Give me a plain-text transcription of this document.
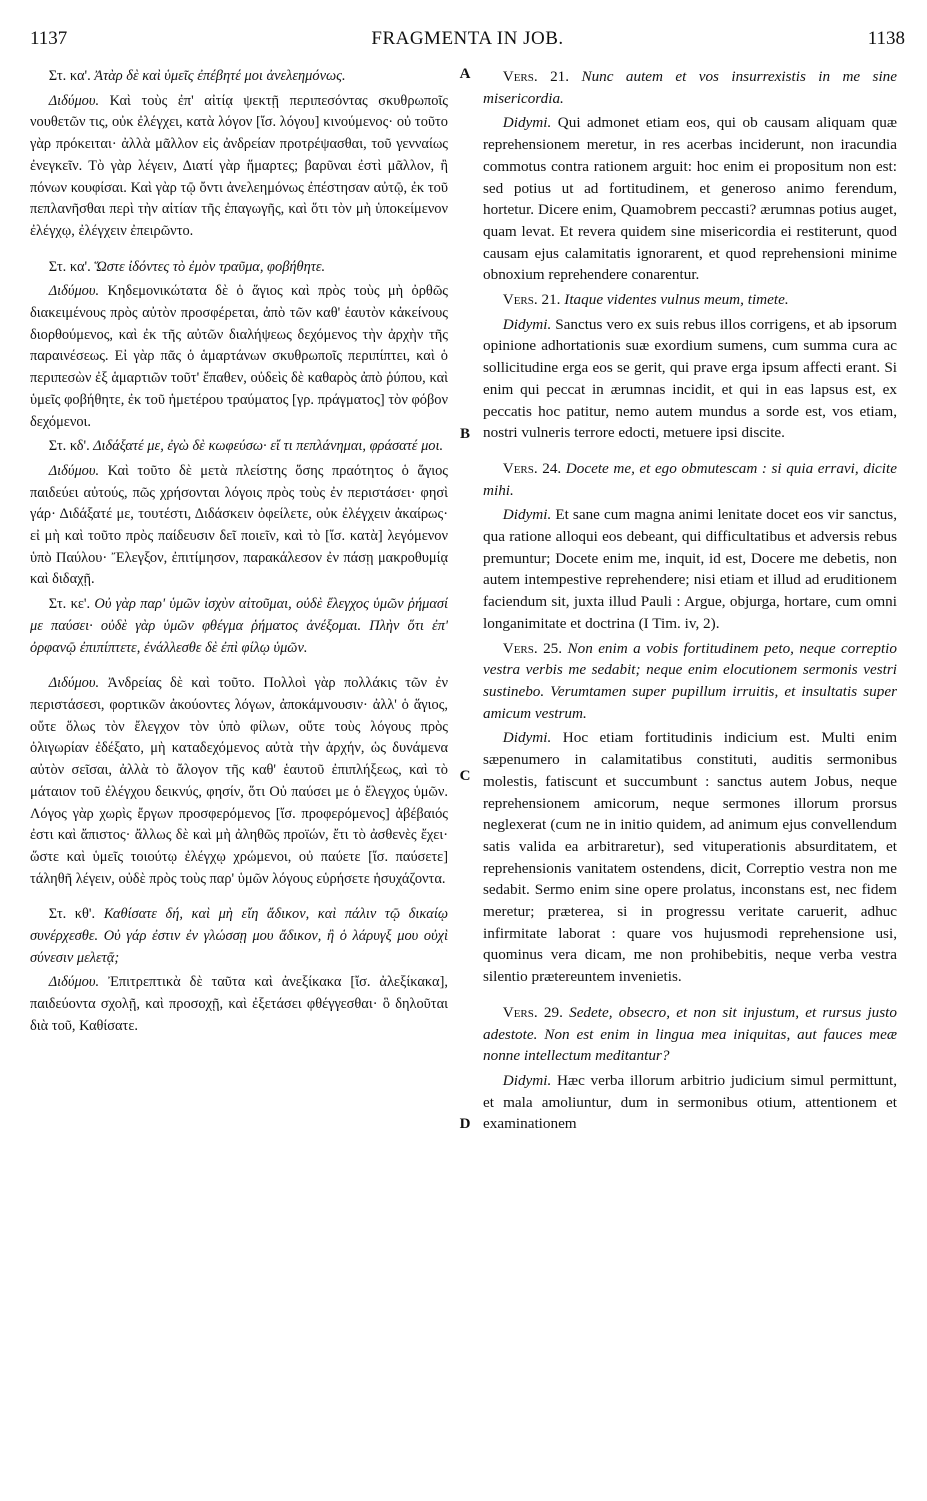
1137	FRAGMENTA IN JOB.	1138

Στ. κα'. Ἀτὰρ δὲ καὶ ὑμεῖς ἐπέβητέ μοι ἀνελεημόνως.

Διδύμου. Καὶ τοὺς ἐπ' αἰτίᾳ ψεκτῇ περιπεσόντας σκυθρωποῖς νουθετῶν τις, οὐκ ἐλέγχει, κατὰ λόγον [ἴσ. λόγου] κινούμενος· οὐ τοῦτο γὰρ πρόκειται· ἀλλὰ μᾶλλον εἰς ἀνδρείαν προτρέψασθαι, τοῦ γενναίως ἐνεγκεῖν. Τὸ γὰρ λέγειν, Διατί γὰρ ἥμαρτες; βαρῦναι ἐστὶ μᾶλλον, ἢ πόνων κουφίσαι. Καὶ γὰρ τῷ ὄντι ἀνελεημόνως ἐπέστησαν αὐτῷ, ἐκ τοῦ πεπλανῆσθαι περὶ τὴν αἰτίαν τῆς ἐπαγωγῆς, καὶ ὅτι τὸν μὴ ὑποκείμενον ἐλέγχῳ, ἐλέγχειν ἐπειρῶντο.

Στ. κα'. Ὥστε ἰδόντες τὸ ἐμὸν τραῦμα, φοβήθητε.

Διδύμου. Κηδεμονικώτατα δὲ ὁ ἅγιος καὶ πρὸς τοὺς μὴ ὀρθῶς διακειμένους πρὸς αὐτὸν προσφέρεται, ἀπὸ τῶν καθ' ἑαυτὸν κἀκείνους διορθούμενος, καὶ ἐκ τῆς αὐτῶν διαλήψεως δεχόμενος τὴν ἀρχὴν τῆς παραινέσεως. Εἰ γὰρ πᾶς ὁ ἁμαρτάνων σκυθρωποῖς περιπίπτει, καὶ ὁ περιπεσὼν ἐξ ἁμαρτιῶν τοῦτ' ἔπαθεν, οὐδεὶς δὲ καθαρὸς ἀπὸ ῥύπου, καὶ ὑμεῖς φοβήθητε, ἐκ τοῦ ἡμετέρου τραύματος [γρ. πράγματος] τὸν φόβον δεχόμενοι.

Στ. κδ'. Διδάξατέ με, ἐγὼ δὲ κωφεύσω· εἴ τι πεπλάνημαι, φράσατέ μοι.

Διδύμου. Καὶ τοῦτο δὲ μετὰ πλείστης ὅσης πραότητος ὁ ἅγιος παιδεύει αὐτούς, πῶς χρήσονται λόγοις πρὸς τοὺς ἐν περιστάσει· φησὶ γάρ· Διδάξατέ με, τουτέστι, Διδάσκειν ὀφείλετε, οὐκ ἐλέγχειν ἀκαίρως· εἰ μὴ καὶ τοῦτο πρὸς παίδευσιν δεῖ ποιεῖν, καὶ τὸ [ἴσ. κατὰ] λεγόμενον ὑπὸ Παύλου· Ἔλεγξον, ἐπιτίμησον, παρακάλεσον ἐν πάσῃ μακροθυμίᾳ καὶ διδαχῇ.

Στ. κε'. Οὐ γὰρ παρ' ὑμῶν ἰσχὺν αἰτοῦμαι, οὐδὲ ἔλεγχος ὑμῶν ῥήμασί με παύσει· οὐδὲ γὰρ ὑμῶν φθέγμα ῥήματος ἀνέξομαι. Πλὴν ὅτι ἐπ' ὀρφανῷ ἐπιπίπτετε, ἐνάλλεσθε δὲ ἐπὶ φίλῳ ὑμῶν.

Διδύμου. Ἀνδρείας δὲ καὶ τοῦτο. Πολλοὶ γὰρ πολλάκις τῶν ἐν περιστάσεσι, φορτικῶν ἀκούοντες λόγων, ἀποκάμνουσιν· ἀλλ' ὁ ἅγιος, οὔτε ὅλως τὸν ἔλεγχον τὸν ὑπὸ φίλων, οὔτε τοὺς λόγους πρὸς ὀλιγωρίαν ἐδέξατο, μὴ καταδεχόμενος αὐτὰ τὴν ἀρχήν, ὡς δυνάμενα αὐτὸν σεῖσαι, ἀλλὰ τὸ ἄλογον τῆς καθ' ἑαυτοῦ ἐπιπλήξεως, καὶ τὸ μάταιον τοῦ ἐλέγχου δεικνύς, φησίν, ὅτι Οὐ παύσει με ὁ ἔλεγχος ὑμῶν. Λόγος γὰρ χωρὶς ἔργων προσφερόμενος [ἴσ. προφερόμενος] ἀβέβαιός ἐστι καὶ ἄπιστος· ἄλλως δὲ καὶ μὴ ἀληθῶς προϊών, ἔτι τὸ ἀσθενὲς ἔχει· ὥστε καὶ ὑμεῖς τοιούτῳ ἐλέγχῳ χρώμενοι, οὐ παύετε [ἴσ. παύσετε] τάληθῆ λέγειν, οὐδὲ πρὸς τοὺς παρ' ὑμῶν λόγους εὑρήσετε ἡσυχάζοντα.

Στ. κθ'. Καθίσατε δή, καὶ μὴ εἴη ἄδικον, καὶ πάλιν τῷ δικαίῳ συνέρχεσθε. Οὐ γάρ ἐστιν ἐν γλώσσῃ μου ἄδικον, ἢ ὁ λάρυγξ μου οὐχὶ σύνεσιν μελετᾷ;

Διδύμου. Ἐπιτρεπτικὰ δὲ ταῦτα καὶ ἀνεξίκακα [ἴσ. ἀλεξίκακα], παιδεύοντα σχολῇ, καὶ προσοχῇ, καὶ ἐξετάσει φθέγγεσθαι· ὃ δηλοῦται διὰ τοῦ, Καθίσατε.

A
B
C
D

Vers. 21. Nunc autem et vos insurrexistis in me sine misericordia.

Didymi. Qui admonet etiam eos, qui ob causam aliquam quæ reprehensionem meretur, in res acerbas inciderunt, non iracundia commotus contra rationem arguit: hoc enim ei propositum non est: sed potius ut ad fortitudinem, et generoso animo ferendum, hortetur. Dicere enim, Quamobrem peccasti? ærumnas potius auget, quam levat. Et revera quidem sine misericordia ei restiterunt, quod causam ejus calamitatis ignorarent, et quod reprehensioni minime obnoxium reprehendere conarentur.

Vers. 21. Itaque videntes vulnus meum, timete.

Didymi. Sanctus vero ex suis rebus illos corrigens, et ab ipsorum opinione adhortationis suæ exordium sumens, cum summa cura ac sollicitudine erga eos se gerit, qui prave erga ipsum affecti erant. Si enim qui peccat in ærumnas incidit, et qui in eas lapsus est, ex peccatis hoc patitur, nemo autem mundus a sorde est, vos etiam, nostri vulneris terrore edocti, metuere ipsi discite.

Vers. 24. Docete me, et ego obmutescam : si quia erravi, dicite mihi.

Didymi. Et sane cum magna animi lenitate docet eos vir sanctus, qua ratione alloqui eos debeant, qui difficultatibus et adversis rebus premuntur; Docete enim me, inquit, id est, Docere me debetis, non autem intempestive reprehendere; nisi etiam et illud ad eruditionem faciendum sit, juxta illud Pauli : Argue, objurga, hortare, cum omni longanimitate et doctrina (I Tim. iv, 2).

Vers. 25. Non enim a vobis fortitudinem peto, neque correptio vestra verbis me sedabit; neque enim elocutionem sermonis vestri sustinebo. Verumtamen super pupillum irruitis, et insultatis super amicum vestrum.

Didymi. Hoc etiam fortitudinis indicium est. Multi enim sæpenumero in calamitatibus constituti, auditis sermonibus molestis, fatiscunt et succumbunt : sanctus autem Jobus, neque reprehensionem amicorum, neque sermones illorum prorsus neglexerat (cum ne in initio quidem, ad animum ejus convellendum satis valida ea arbitraretur), sed vituperationis absurditatem, et reprehensionis vanitatem ostendens, dicit, Correptio vestra non me sedabit. Sermo enim sine opere prolatus, inconstans est, nec fidem meretur; præterea, si in progressu veritate caruerit, adhuc infirmitate laborat : quare vos hujusmodi reprehensione usi, quominus vera dicam, me non prohibebitis, neque verba vestra silentio prætereuntem invenietis.

Vers. 29. Sedete, obsecro, et non sit injustum, et rursus justo adestote. Non est enim in lingua mea iniquitas, aut fauces meæ nonne intellectum meditantur?

Didymi. Hæc verba illorum arbitrio judicium simul permittunt, et mala amoliuntur, dum in sermonibus otium, attentionem et examinationem
